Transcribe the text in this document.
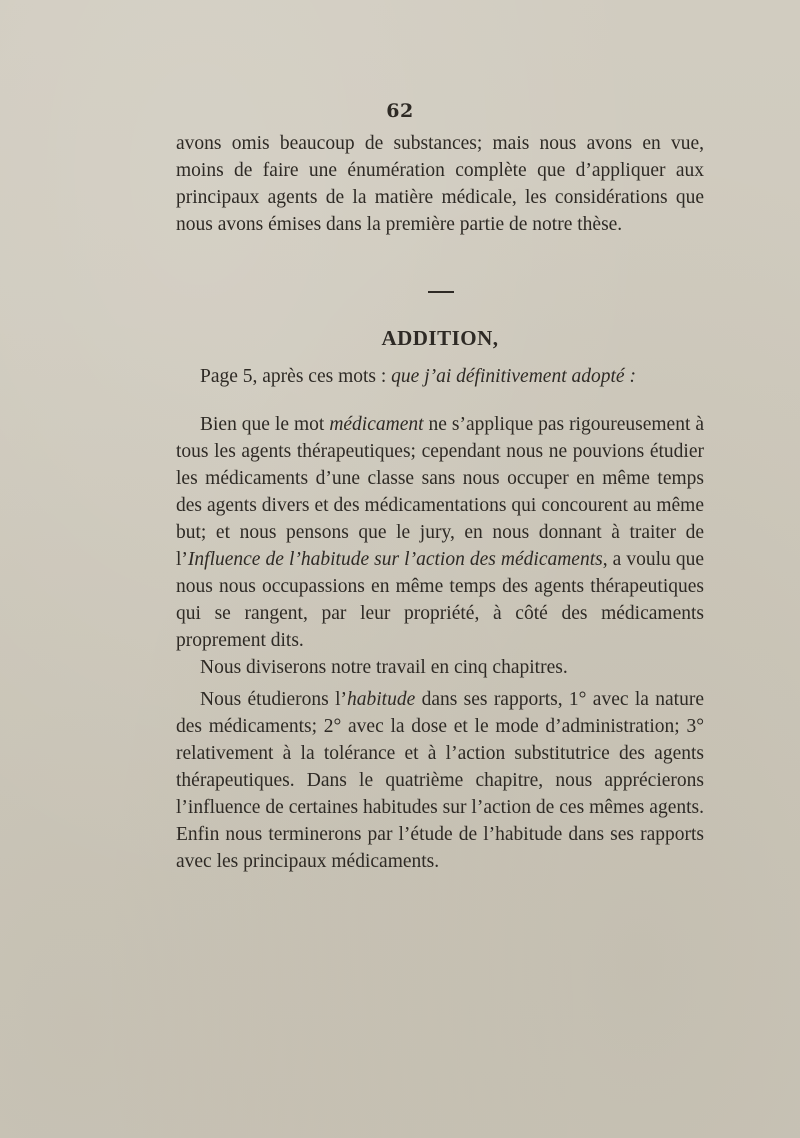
62

avons omis beaucoup de substances; mais nous avons en vue, moins de faire une énumération complète que d’appliquer aux principaux agents de la matière médicale, les considérations que nous avons émises dans la première partie de notre thèse.

ADDITION,
Page 5, après ces mots : que j’ai définitivement adopté :

Bien que le mot médicament ne s’applique pas rigoureusement à tous les agents thérapeutiques; cependant nous ne pouvions étudier les médicaments d’une classe sans nous occuper en même temps des agents divers et des médicamentations qui concourent au même but; et nous pensons que le jury, en nous donnant à traiter de l’Influence de l’habitude sur l’action des médicaments, a voulu que nous nous occupassions en même temps des agents thérapeutiques qui se rangent, par leur propriété, à côté des médicaments proprement dits.

Nous diviserons notre travail en cinq chapitres.

Nous étudierons l’habitude dans ses rapports, 1° avec la nature des médicaments; 2° avec la dose et le mode d’administration; 3° relativement à la tolérance et à l’action substitutrice des agents thérapeutiques. Dans le quatrième chapitre, nous apprécierons l’influence de certaines habitudes sur l’action de ces mêmes agents. Enfin nous terminerons par l’étude de l’habitude dans ses rapports avec les principaux médicaments.
